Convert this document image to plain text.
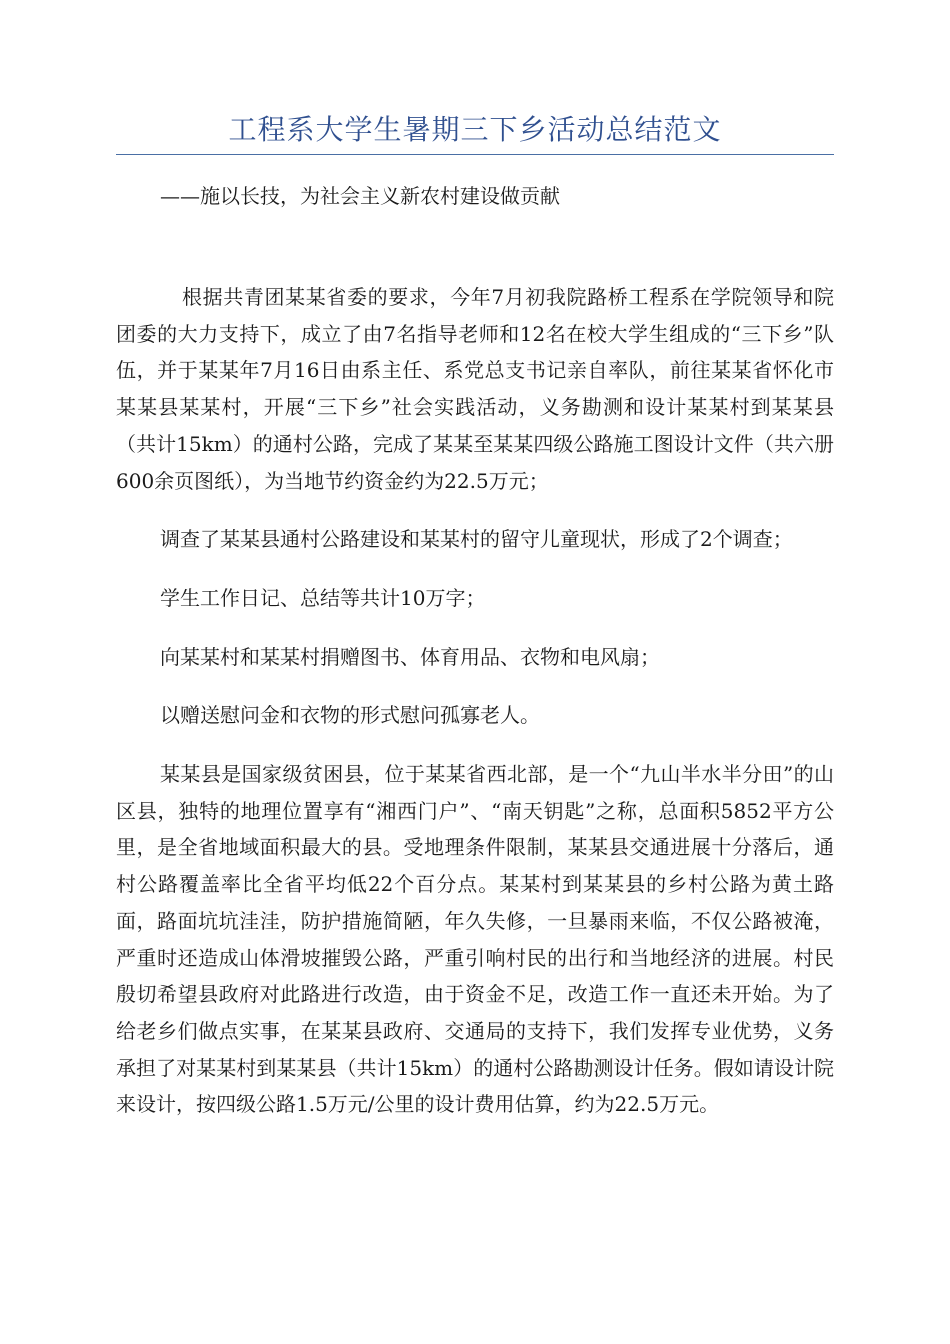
工程系大学生暑期三下乡活动总结范文
——施以长技，为社会主义新农村建设做贡献

根据共青团某某省委的要求，今年7月初我院路桥工程系在学院领导和院团委的大力支持下，成立了由7名指导老师和12名在校大学生组成的“三下乡”队伍，并于某某年7月16日由系主任、系党总支书记亲自率队，前往某某省怀化市某某县某某村，开展“三下乡”社会实践活动，义务勘测和设计某某村到某某县（共计15km）的通村公路，完成了某某至某某四级公路施工图设计文件（共六册600余页图纸），为当地节约资金约为22.5万元；

调查了某某县通村公路建设和某某村的留守儿童现状，形成了2个调查；

学生工作日记、总结等共计10万字；

向某某村和某某村捐赠图书、体育用品、衣物和电风扇；

以赠送慰问金和衣物的形式慰问孤寡老人。

某某县是国家级贫困县，位于某某省西北部，是一个“九山半水半分田”的山区县，独特的地理位置享有“湘西门户”、“南天钥匙”之称，总面积5852平方公里，是全省地域面积最大的县。受地理条件限制，某某县交通进展十分落后，通村公路覆盖率比全省平均低22个百分点。某某村到某某县的乡村公路为黄土路面，路面坑坑洼洼，防护措施简陋，年久失修，一旦暴雨来临，不仅公路被淹，严重时还造成山体滑坡摧毁公路，严重引响村民的出行和当地经济的进展。村民殷切希望县政府对此路进行改造，由于资金不足，改造工作一直还未开始。为了给老乡们做点实事，在某某县政府、交通局的支持下，我们发挥专业优势，义务承担了对某某村到某某县（共计15km）的通村公路勘测设计任务。假如请设计院来设计，按四级公路1.5万元/公里的设计费用估算，约为22.5万元。
